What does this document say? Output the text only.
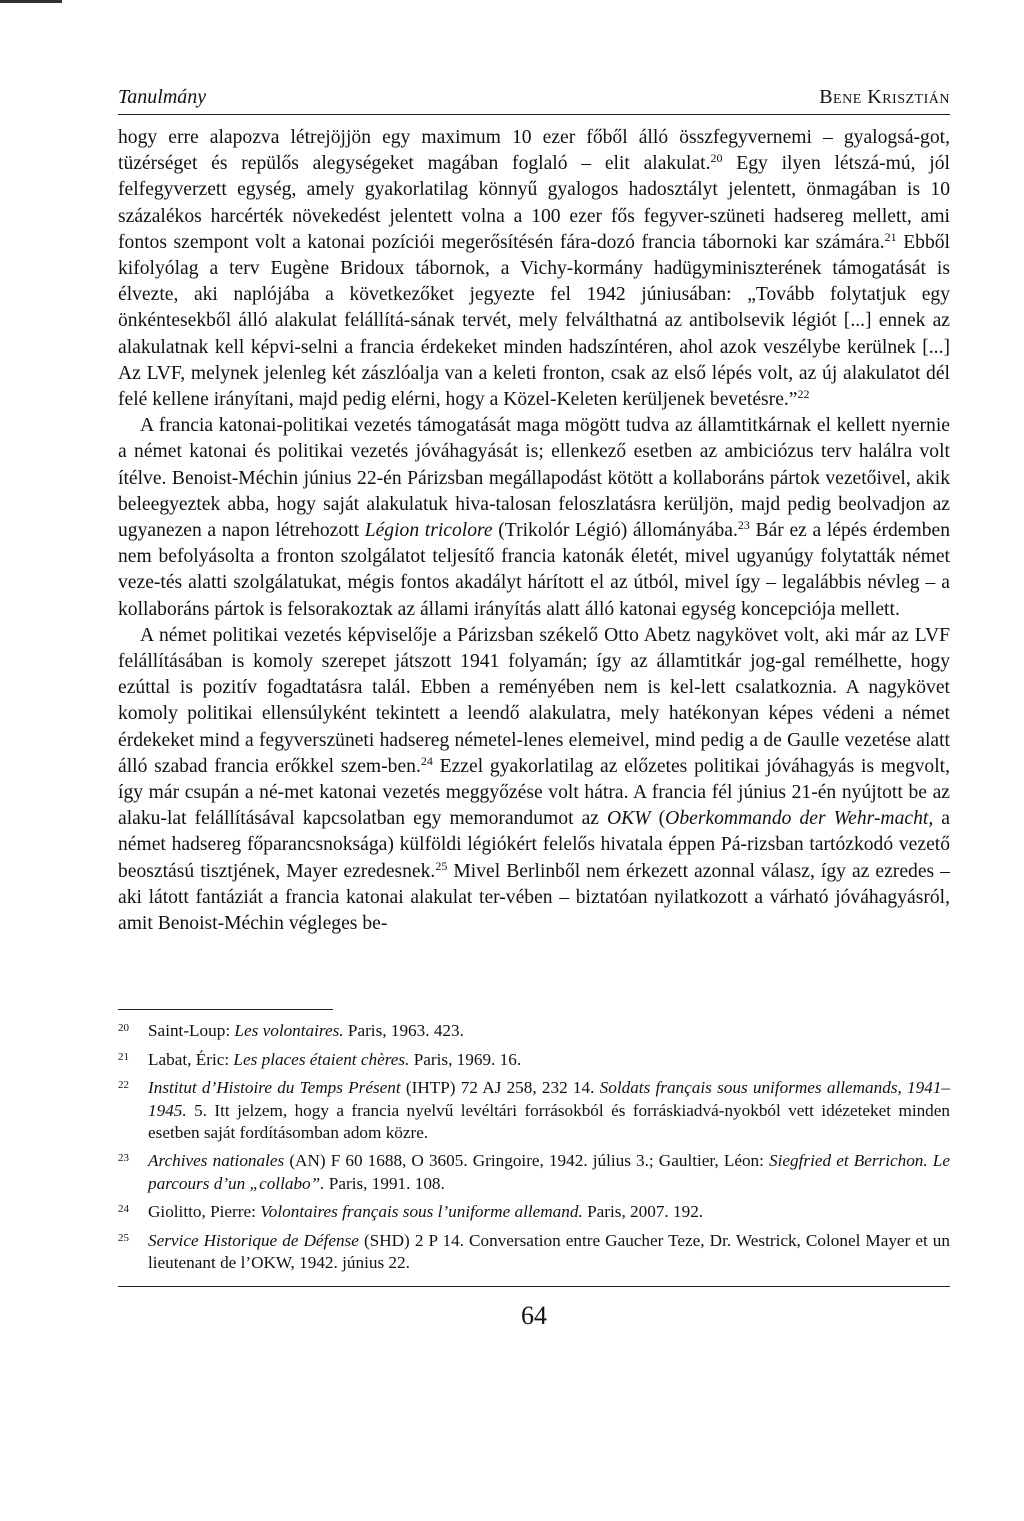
Tanulmány	Bene Krisztián

hogy erre alapozva létrejöjjön egy maximum 10 ezer főből álló összfegyvernemi – gyalogsá-got, tüzérséget és repülős alegységeket magában foglaló – elit alakulat.$^{20}$ Egy ilyen létszá-mú, jól felfegyverzett egység, amely gyakorlatilag könnyű gyalogos hadosztályt jelentett, önmagában is 10 százalékos harcérték növekedést jelentett volna a 100 ezer fős fegyver-szüneti hadsereg mellett, ami fontos szempont volt a katonai pozíciói megerősítésén fára-dozó francia tábornoki kar számára.$^{21}$ Ebből kifolyólag a terv Eugène Bridoux tábornok, a Vichy-kormány hadügyminiszterének támogatását is élvezte, aki naplójába a következőket jegyezte fel 1942 júniusában: „Tovább folytatjuk egy önkéntesekből álló alakulat felállítá-sának tervét, mely felválthatná az antibolsevik légiót [...] ennek az alakulatnak kell képvi-selni a francia érdekeket minden hadszíntéren, ahol azok veszélybe kerülnek [...] Az LVF, melynek jelenleg két zászlóalja van a keleti fronton, csak az első lépés volt, az új alakulatot dél felé kellene irányítani, majd pedig elérni, hogy a Közel-Keleten kerüljenek bevetésre.”$^{22}$

A francia katonai-politikai vezetés támogatását maga mögött tudva az államtitkárnak el kellett nyernie a német katonai és politikai vezetés jóváhagyását is; ellenkező esetben az ambiciózus terv halálra volt ítélve. Benoist-Méchin június 22-én Párizsban megállapodást kötött a kollaboráns pártok vezetőivel, akik beleegyeztek abba, hogy saját alakulatuk hiva-talosan feloszlatásra kerüljön, majd pedig beolvadjon az ugyanezen a napon létrehozott Légion tricolore (Trikolór Légió) állományába.$^{23}$ Bár ez a lépés érdemben nem befolyásolta a fronton szolgálatot teljesítő francia katonák életét, mivel ugyanúgy folytatták német veze-tés alatti szolgálatukat, mégis fontos akadályt hárított el az útból, mivel így – legalábbis névleg – a kollaboráns pártok is felsorakoztak az állami irányítás alatt álló katonai egység koncepciója mellett.

A német politikai vezetés képviselője a Párizsban székelő Otto Abetz nagykövet volt, aki már az LVF felállításában is komoly szerepet játszott 1941 folyamán; így az államtitkár jog-gal remélhette, hogy ezúttal is pozitív fogadtatásra talál. Ebben a reményében nem is kel-lett csalatkoznia. A nagykövet komoly politikai ellensúlyként tekintett a leendő alakulatra, mely hatékonyan képes védeni a német érdekeket mind a fegyverszüneti hadsereg németel-lenes elemeivel, mind pedig a de Gaulle vezetése alatt álló szabad francia erőkkel szem-ben.$^{24}$ Ezzel gyakorlatilag az előzetes politikai jóváhagyás is megvolt, így már csupán a né-met katonai vezetés meggyőzése volt hátra. A francia fél június 21-én nyújtott be az alaku-lat felállításával kapcsolatban egy memorandumot az OKW (Oberkommando der Wehr-macht, a német hadsereg főparancsnoksága) külföldi légiókért felelős hivatala éppen Pá-rizsban tartózkodó vezető beosztású tisztjének, Mayer ezredesnek.$^{25}$ Mivel Berlinből nem érkezett azonnal válasz, így az ezredes – aki látott fantáziát a francia katonai alakulat ter-vében – biztatóan nyilatkozott a várható jóváhagyásról, amit Benoist-Méchin végleges be-

20 Saint-Loup: Les volontaires. Paris, 1963. 423.
21 Labat, Éric: Les places étaient chères. Paris, 1969. 16.
22 Institut d’Histoire du Temps Présent (IHTP) 72 AJ 258, 232 14. Soldats français sous uniformes allemands, 1941–1945. 5. Itt jelzem, hogy a francia nyelvű levéltári forrásokból és forráskiadvá-nyokból vett idézeteket minden esetben saját fordításomban adom közre.
23 Archives nationales (AN) F 60 1688, O 3605. Gringoire, 1942. július 3.; Gaultier, Léon: Siegfried et Berrichon. Le parcours d’un „collabo”. Paris, 1991. 108.
24 Giolitto, Pierre: Volontaires français sous l’uniforme allemand. Paris, 2007. 192.
25 Service Historique de Défense (SHD) 2 P 14. Conversation entre Gaucher Teze, Dr. Westrick, Colonel Mayer et un lieutenant de l’OKW, 1942. június 22.
64
